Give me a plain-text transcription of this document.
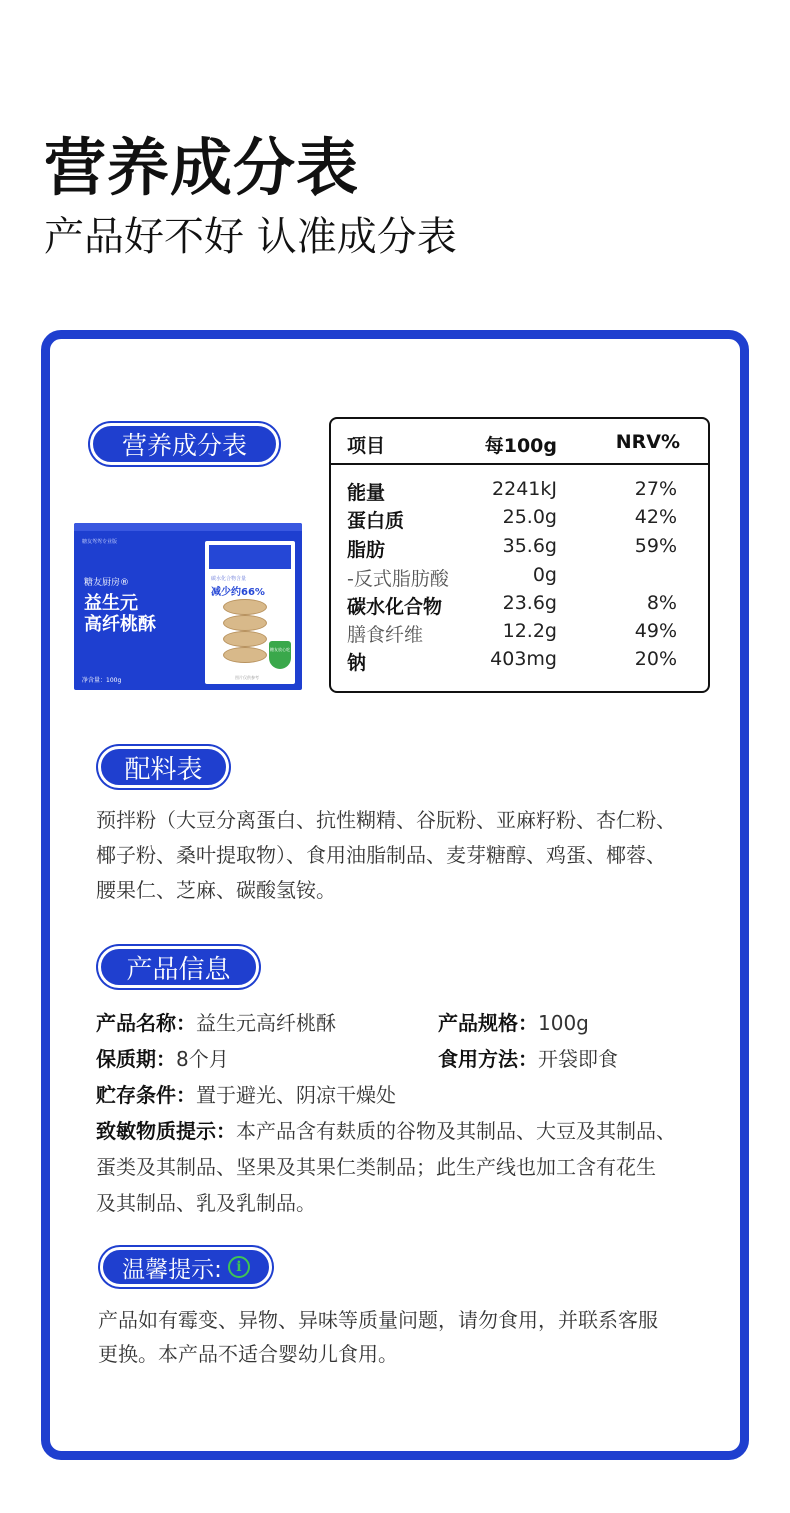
营养成分表
产品好不好 认准成分表
营养成分表
糖友驾驾专业版
糖友厨房®
益生元
高纤桃酥
净含量：100g
碳水化合物含量
减少约66%
糖友放心吃
图片仅供参考
项目	每100g	NRV%
能量	2241kJ	27%
蛋白质	25.0g	42%
脂肪	35.6g	59%
-反式脂肪酸	0g
碳水化合物	23.6g	8%
膳食纤维	12.2g	49%
钠	403mg	20%
配料表
预拌粉（大豆分离蛋白、抗性糊精、谷朊粉、亚麻籽粉、杏仁粉、
椰子粉、桑叶提取物）、食用油脂制品、麦芽糖醇、鸡蛋、椰蓉、
腰果仁、芝麻、碳酸氢铵。
产品信息
产品名称：益生元高纤桃酥	产品规格：100g
保质期：8个月	食用方法：开袋即食
贮存条件：置于避光、阴凉干燥处
致敏物质提示：本产品含有麸质的谷物及其制品、大豆及其制品、
蛋类及其制品、坚果及其果仁类制品；此生产线也加工含有花生
及其制品、乳及乳制品。
温馨提示:	i
产品如有霉变、异物、异味等质量问题，请勿食用，并联系客服
更换。本产品不适合婴幼儿食用。
